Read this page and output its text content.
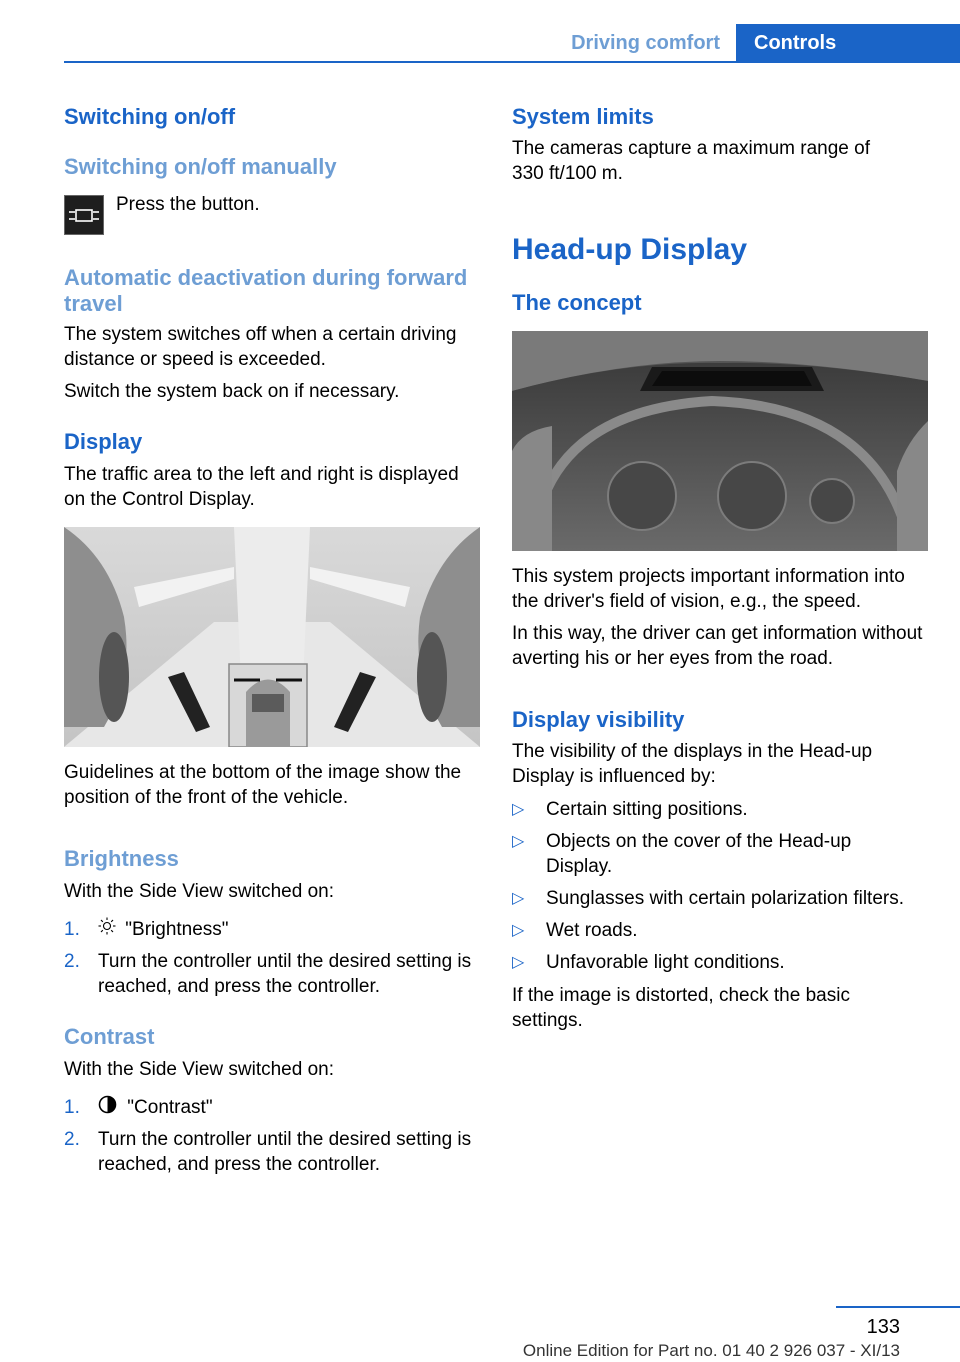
Driving comfort	Controls
Switching on/off
Switching on/off manually
Press the button.
Automatic deactivation during forward travel
The system switches off when a certain driving distance or speed is exceeded.
Switch the system back on if necessary.
Display
The traffic area to the left and right is displayed on the Control Display.
Guidelines at the bottom of the image show the position of the front of the vehicle.
Brightness
With the Side View switched on:
1.	"Brightness"
2. Turn the controller until the desired setting is reached, and press the controller.
Contrast
With the Side View switched on:
1.	"Contrast"
2. Turn the controller until the desired setting is reached, and press the controller.
System limits
The cameras capture a maximum range of 330 ft/100 m.
Head-up Display
The concept
This system projects important information into the driver's field of vision, e.g., the speed.
In this way, the driver can get information without averting his or her eyes from the road.
Display visibility
The visibility of the displays in the Head-up Display is influenced by:
▷ Certain sitting positions.
▷ Objects on the cover of the Head-up Display.
▷ Sunglasses with certain polarization filters.
▷ Wet roads.
▷ Unfavorable light conditions.
If the image is distorted, check the basic settings.
133
Online Edition for Part no. 01 40 2 926 037 - XI/13
